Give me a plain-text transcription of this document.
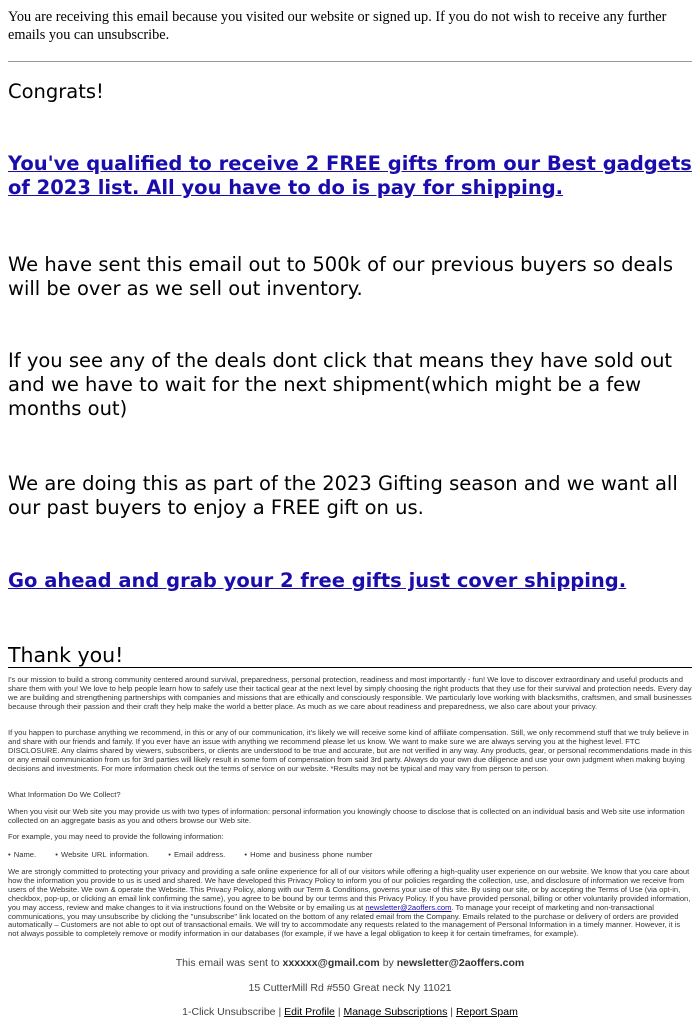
You are receiving this email because you visited our website or signed up. If you do not wish to receive any further emails you can unsubscribe.
Congrats!
You've qualified to receive 2 FREE gifts from our Best gadgets of 2023 list. All you have to do is pay for shipping.
We have sent this email out to 500k of our previous buyers so deals will be over as we sell out inventory.
If you see any of the deals dont click that means they have sold out and we have to wait for the next shipment(which might be a few months out)
We are doing this as part of the 2023 Gifting season and we want all our past buyers to enjoy a FREE gift on us.
Go ahead and grab your 2 free gifts just cover shipping.
Thank you!
I's our mission to build a strong community centered around survival, preparedness, personal protection, readiness and most importantly - fun! We love to discover extraordinary and useful products and share them with you! We love to help people learn how to safely use their tactical gear at the next level by simply choosing the right products that they use for their survival and protection needs. Every day we are building and strengthening partnerships with companies and missions that are ethically and consciously responsible. We particularly love working with blacksmiths, craftsmen, and small businesses because through their passion and their craft they help make the world a better place. As much as we care about readiness and preparedness, we also care about your privacy.
If you happen to purchase anything we recommend, in this or any of our communication, it's likely we will receive some kind of affiliate compensation. Still, we only recommend stuff that we truly believe in and share with our friends and family. If you ever have an issue with anything we recommend please let us know. We want to make sure we are always serving you at the highest level. FTC DISCLOSURE. Any claims shared by viewers, subscribers, or clients are understood to be true and accurate, but are not verified in any way. Any products, gear, or personal recommendations made in this or any email communication from us for 3rd parties will likely result in some form of compensation from said 3rd party. Always do your own due diligence and use your own judgment when making buying decisions and investments. For more information check out the terms of service on our website. *Results may not be typical and may vary from person to person.
What Information Do We Collect?
When you visit our Web site you may provide us with two types of information: personal information you knowingly choose to disclose that is collected on an individual basis and Web site use information collected on an aggregate basis as you and others browse our Web site.
For example, you may need to provide the following information:
• Name.	• Website URL information.	• Email address.	• Home and business phone number
We are strongly committed to protecting your privacy and providing a safe online experience for all of our visitors while offering a high-quality user experience on our website. We know that you care about how the information you provide to us is used and shared. We have developed this Privacy Policy to inform you of our policies regarding the collection, use, and disclosure of information we receive from users of the Website. We own & operate the Website. This Privacy Policy, along with our Term & Conditions, governs your use of this site. By using our site, or by accepting the Terms of Use (via opt-in, checkbox, pop-up, or clicking an email link confirming the same), you agree to be bound by our terms and this Privacy Policy. If you have provided personal, billing or other voluntarily provided information, you may access, review and make changes to it via instructions found on the Website or by emailing us at newsletter@2aoffers.com. To manage your receipt of marketing and non-transactional communications, you may unsubscribe by clicking the "unsubscribe" link located on the bottom of any related email from the Company. Emails related to the purchase or delivery of orders are provided automatically – Customers are not able to opt out of transactional emails. We will try to accommodate any requests related to the management of Personal Information in a timely manner. However, it is not always possible to completely remove or modify information in our databases (for example, if we have a legal obligation to keep it for certain timeframes, for example).
This email was sent to xxxxxx@gmail.com by newsletter@2aoffers.com
15 CutterMill Rd #550 Great neck Ny 11021
1-Click Unsubscribe | Edit Profile | Manage Subscriptions | Report Spam
